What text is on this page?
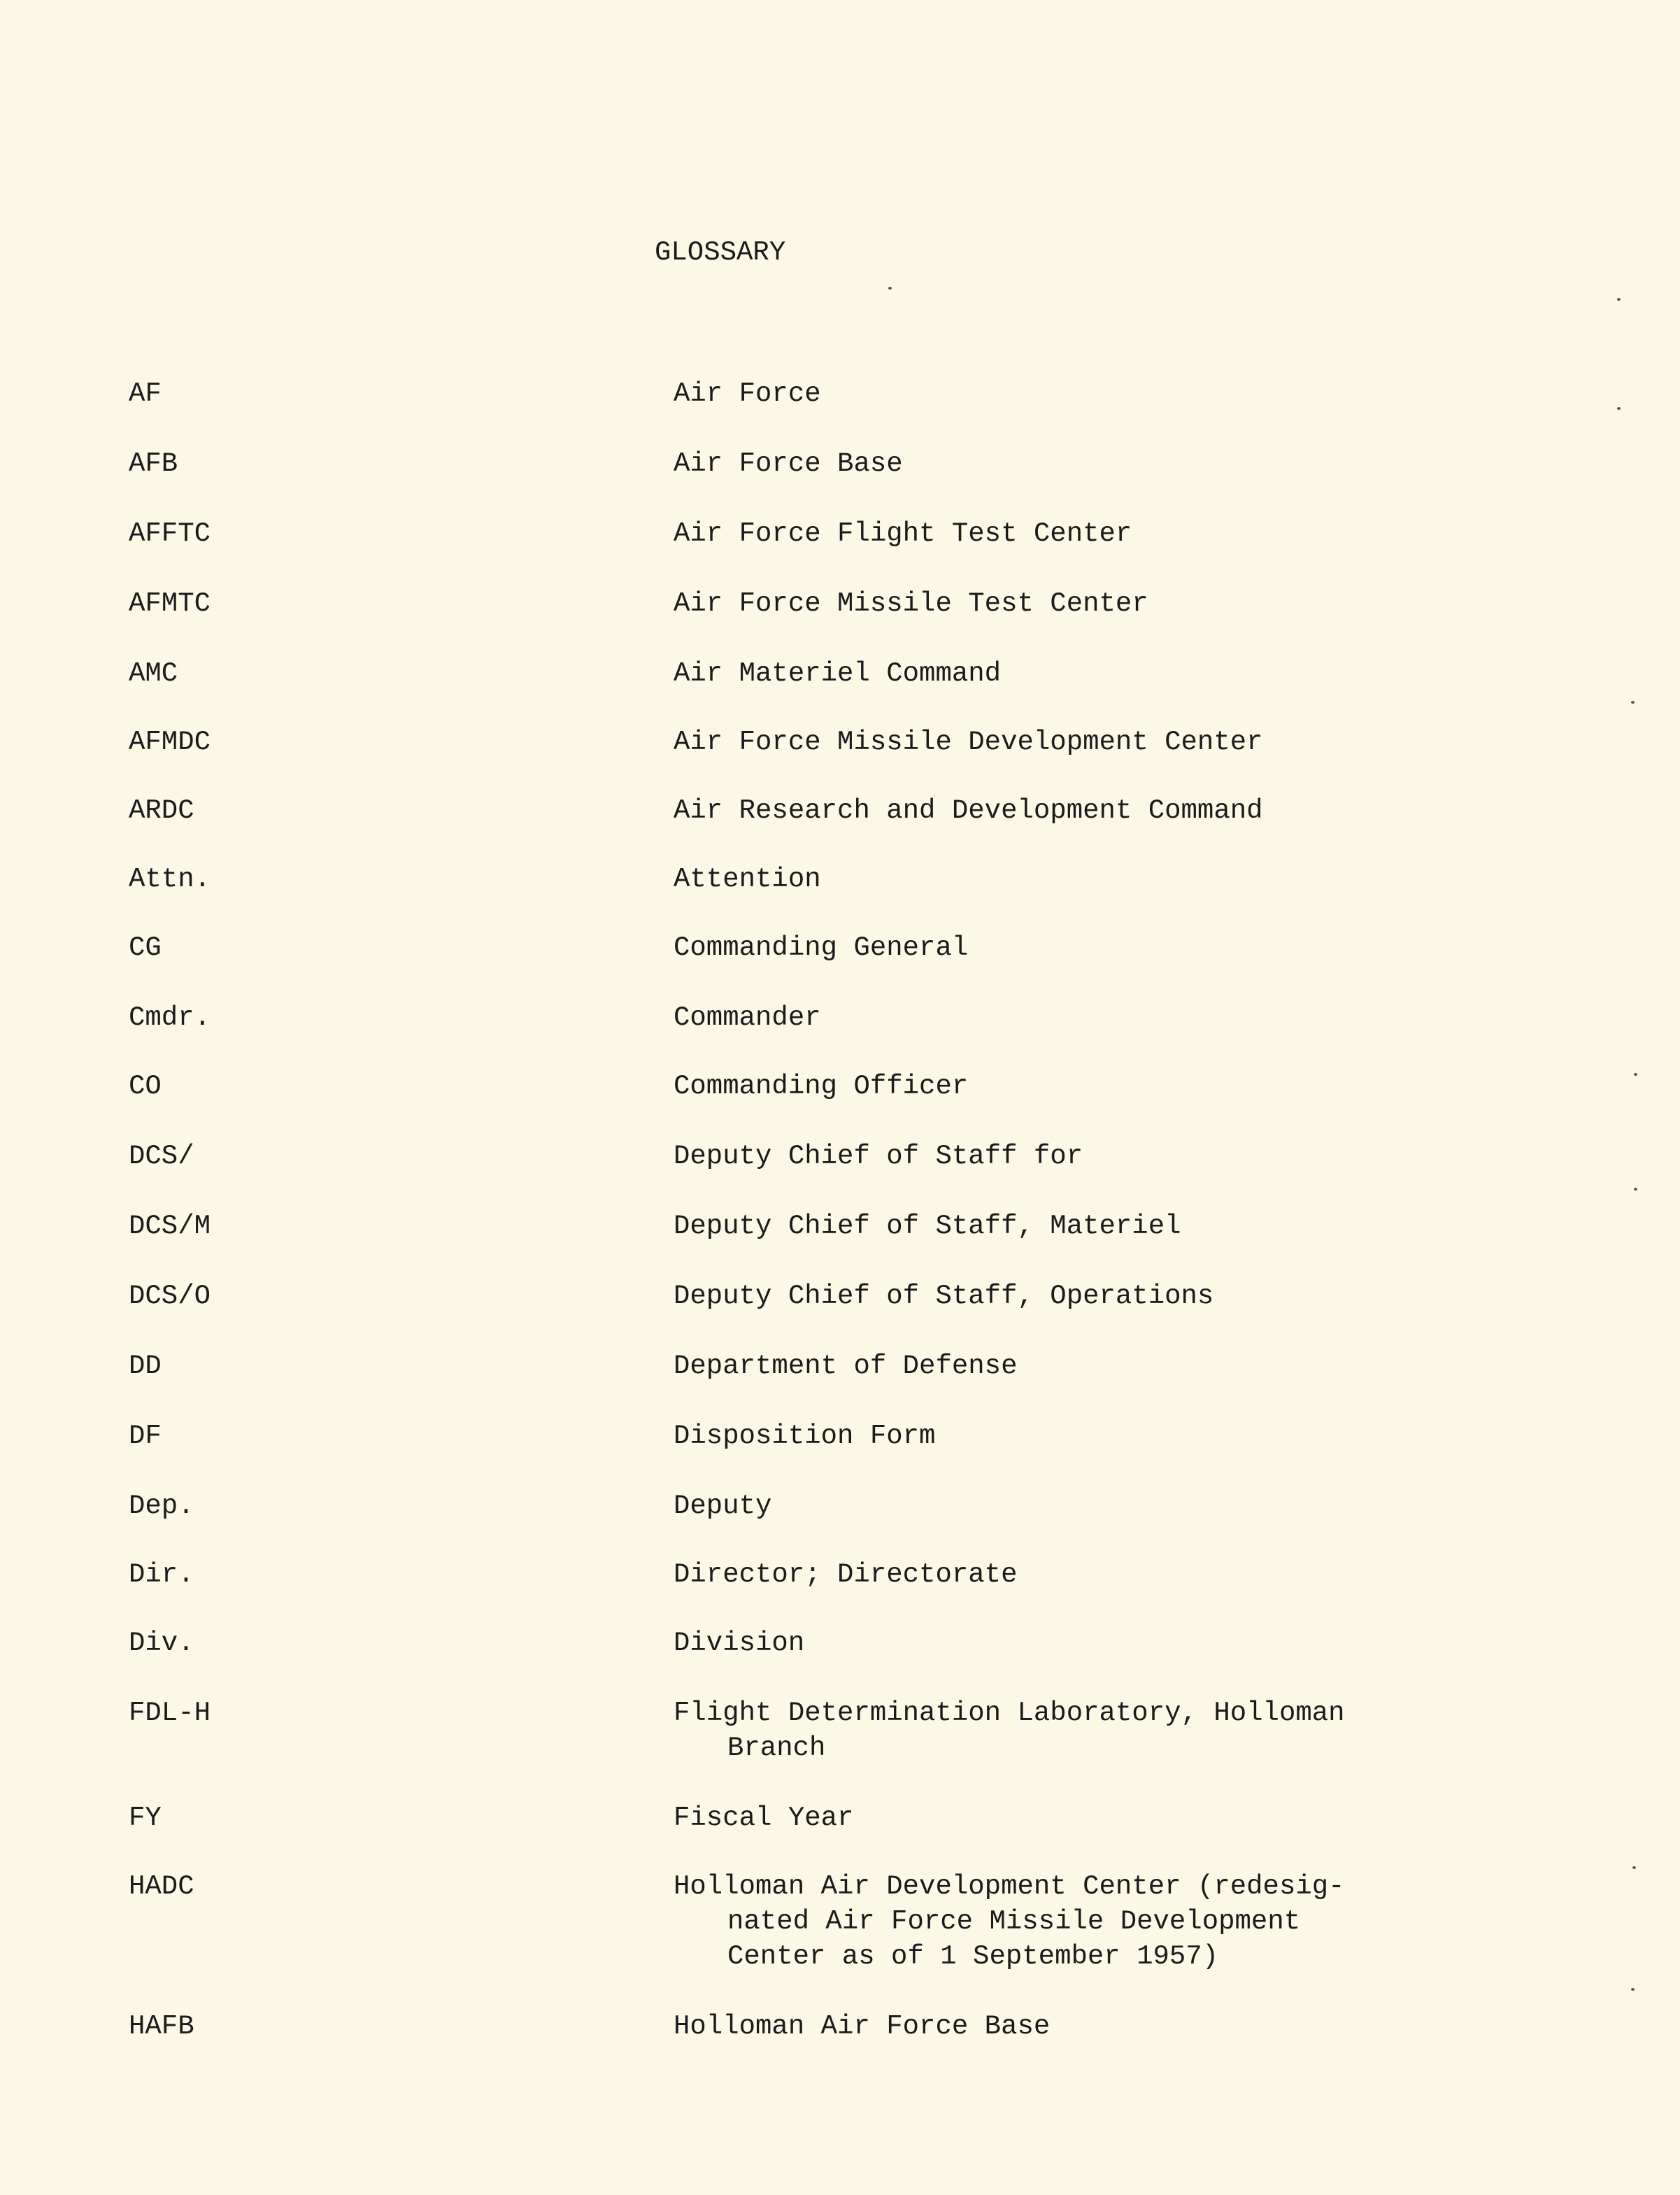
GLOSSARY
AF	Air Force
AFB	Air Force Base
AFFTC	Air Force Flight Test Center
AFMTC	Air Force Missile Test Center
AMC	Air Materiel Command
AFMDC	Air Force Missile Development Center
ARDC	Air Research and Development Command
Attn.	Attention
CG	Commanding General
Cmdr.	Commander
CO	Commanding Officer
DCS/	Deputy Chief of Staff for
DCS/M	Deputy Chief of Staff, Materiel
DCS/O	Deputy Chief of Staff, Operations
DD	Department of Defense
DF	Disposition Form
Dep.	Deputy
Dir.	Director; Directorate
Div.	Division
FDL-H	Flight Determination Laboratory, Holloman
Branch
FY	Fiscal Year
HADC	Holloman Air Development Center (redesig-
nated Air Force Missile Development
Center as of 1 September 1957)
HAFB	Holloman Air Force Base
